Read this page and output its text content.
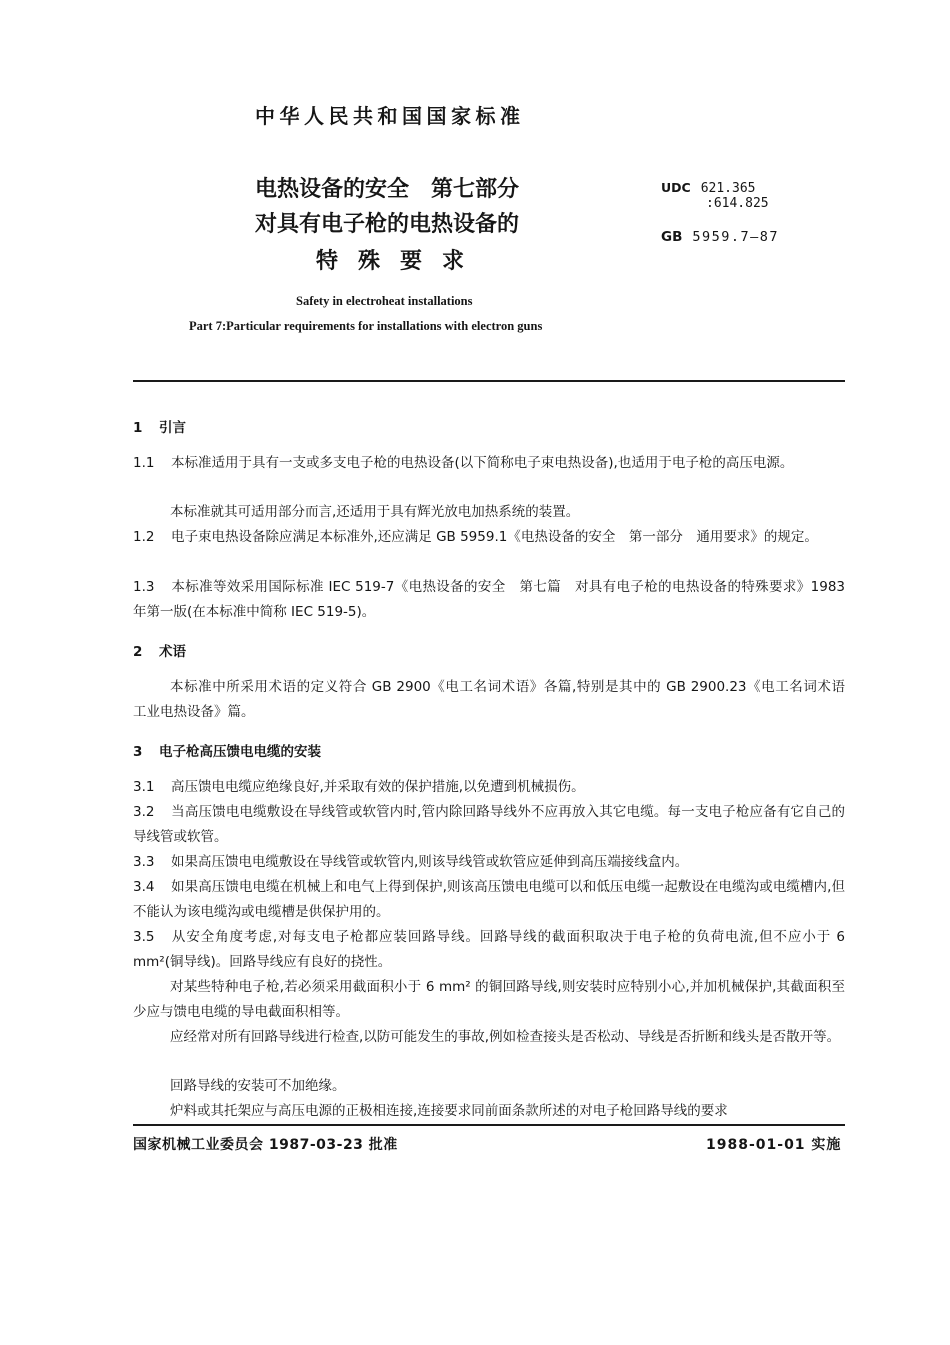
中华人民共和国国家标准
电热设备的安全　第七部分
对具有电子枪的电热设备的
特殊要求
UDC 621.365
:614.825
GB 5959.7—87
Safety in electroheat installations
Part 7:Particular requirements for installations with electron guns
1 引言
1.1 本标准适用于具有一支或多支电子枪的电热设备(以下简称电子束电热设备),也适用于电子枪的高压电源。
本标准就其可适用部分而言,还适用于具有辉光放电加热系统的装置。
1.2 电子束电热设备除应满足本标准外,还应满足 GB 5959.1《电热设备的安全　第一部分　通用要求》的规定。
1.3 本标准等效采用国际标准 IEC 519-7《电热设备的安全　第七篇　对具有电子枪的电热设备的特殊要求》1983 年第一版(在本标准中简称 IEC 519-5)。
2 术语
本标准中所采用术语的定义符合 GB 2900《电工名词术语》各篇,特别是其中的 GB 2900.23《电工名词术语　工业电热设备》篇。
3 电子枪高压馈电电缆的安装
3.1 高压馈电电缆应绝缘良好,并采取有效的保护措施,以免遭到机械损伤。
3.2 当高压馈电电缆敷设在导线管或软管内时,管内除回路导线外不应再放入其它电缆。每一支电子枪应备有它自己的导线管或软管。
3.3 如果高压馈电电缆敷设在导线管或软管内,则该导线管或软管应延伸到高压端接线盒内。
3.4 如果高压馈电电缆在机械上和电气上得到保护,则该高压馈电电缆可以和低压电缆一起敷设在电缆沟或电缆槽内,但不能认为该电缆沟或电缆槽是供保护用的。
3.5 从安全角度考虑,对每支电子枪都应装回路导线。回路导线的截面积取决于电子枪的负荷电流,但不应小于 6 mm²(铜导线)。回路导线应有良好的挠性。
对某些特种电子枪,若必须采用截面积小于 6 mm² 的铜回路导线,则安装时应特别小心,并加机械保护,其截面积至少应与馈电电缆的导电截面积相等。
应经常对所有回路导线进行检查,以防可能发生的事故,例如检查接头是否松动、导线是否折断和线头是否散开等。
回路导线的安装可不加绝缘。
炉料或其托架应与高压电源的正极相连接,连接要求同前面条款所述的对电子枪回路导线的要求
国家机械工业委员会 1987-03-23 批准	1988-01-01 实施
